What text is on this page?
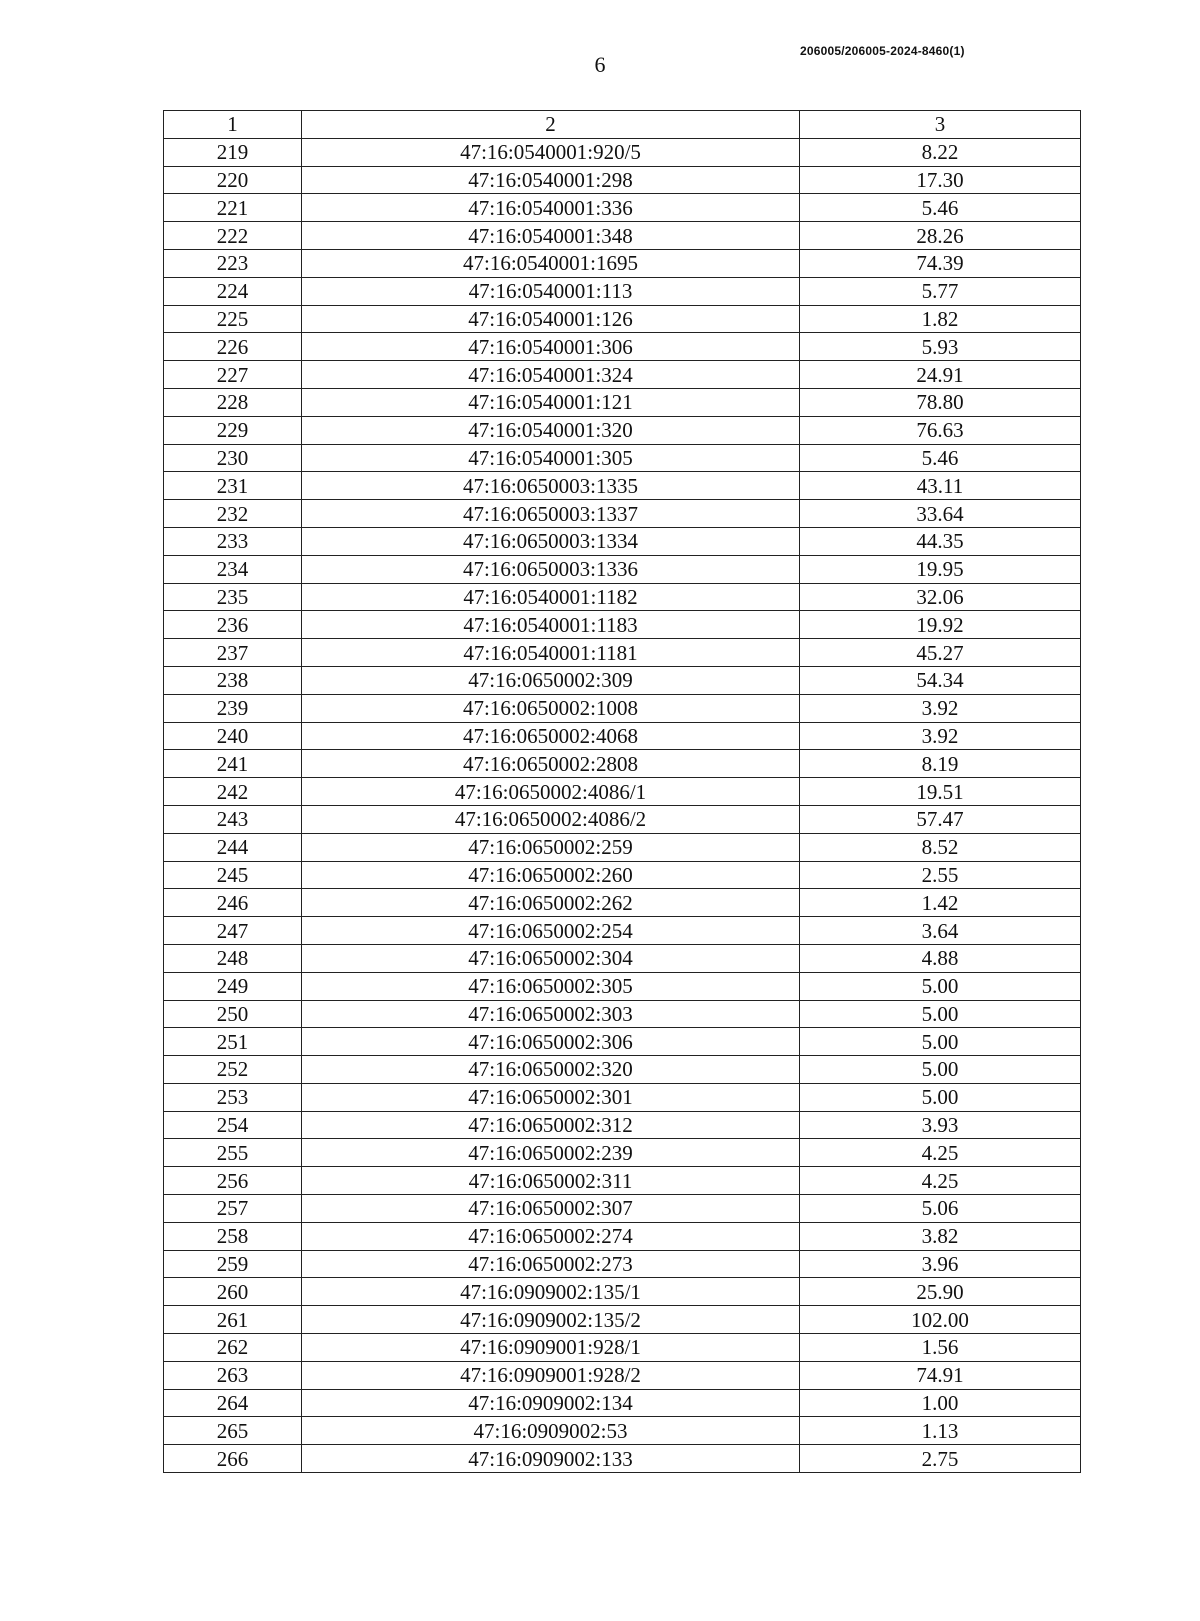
6
206005/206005-2024-8460(1)
1	2	3
219	47:16:0540001:920/5	8.22
220	47:16:0540001:298	17.30
221	47:16:0540001:336	5.46
222	47:16:0540001:348	28.26
223	47:16:0540001:1695	74.39
224	47:16:0540001:113	5.77
225	47:16:0540001:126	1.82
226	47:16:0540001:306	5.93
227	47:16:0540001:324	24.91
228	47:16:0540001:121	78.80
229	47:16:0540001:320	76.63
230	47:16:0540001:305	5.46
231	47:16:0650003:1335	43.11
232	47:16:0650003:1337	33.64
233	47:16:0650003:1334	44.35
234	47:16:0650003:1336	19.95
235	47:16:0540001:1182	32.06
236	47:16:0540001:1183	19.92
237	47:16:0540001:1181	45.27
238	47:16:0650002:309	54.34
239	47:16:0650002:1008	3.92
240	47:16:0650002:4068	3.92
241	47:16:0650002:2808	8.19
242	47:16:0650002:4086/1	19.51
243	47:16:0650002:4086/2	57.47
244	47:16:0650002:259	8.52
245	47:16:0650002:260	2.55
246	47:16:0650002:262	1.42
247	47:16:0650002:254	3.64
248	47:16:0650002:304	4.88
249	47:16:0650002:305	5.00
250	47:16:0650002:303	5.00
251	47:16:0650002:306	5.00
252	47:16:0650002:320	5.00
253	47:16:0650002:301	5.00
254	47:16:0650002:312	3.93
255	47:16:0650002:239	4.25
256	47:16:0650002:311	4.25
257	47:16:0650002:307	5.06
258	47:16:0650002:274	3.82
259	47:16:0650002:273	3.96
260	47:16:0909002:135/1	25.90
261	47:16:0909002:135/2	102.00
262	47:16:0909001:928/1	1.56
263	47:16:0909001:928/2	74.91
264	47:16:0909002:134	1.00
265	47:16:0909002:53	1.13
266	47:16:0909002:133	2.75
